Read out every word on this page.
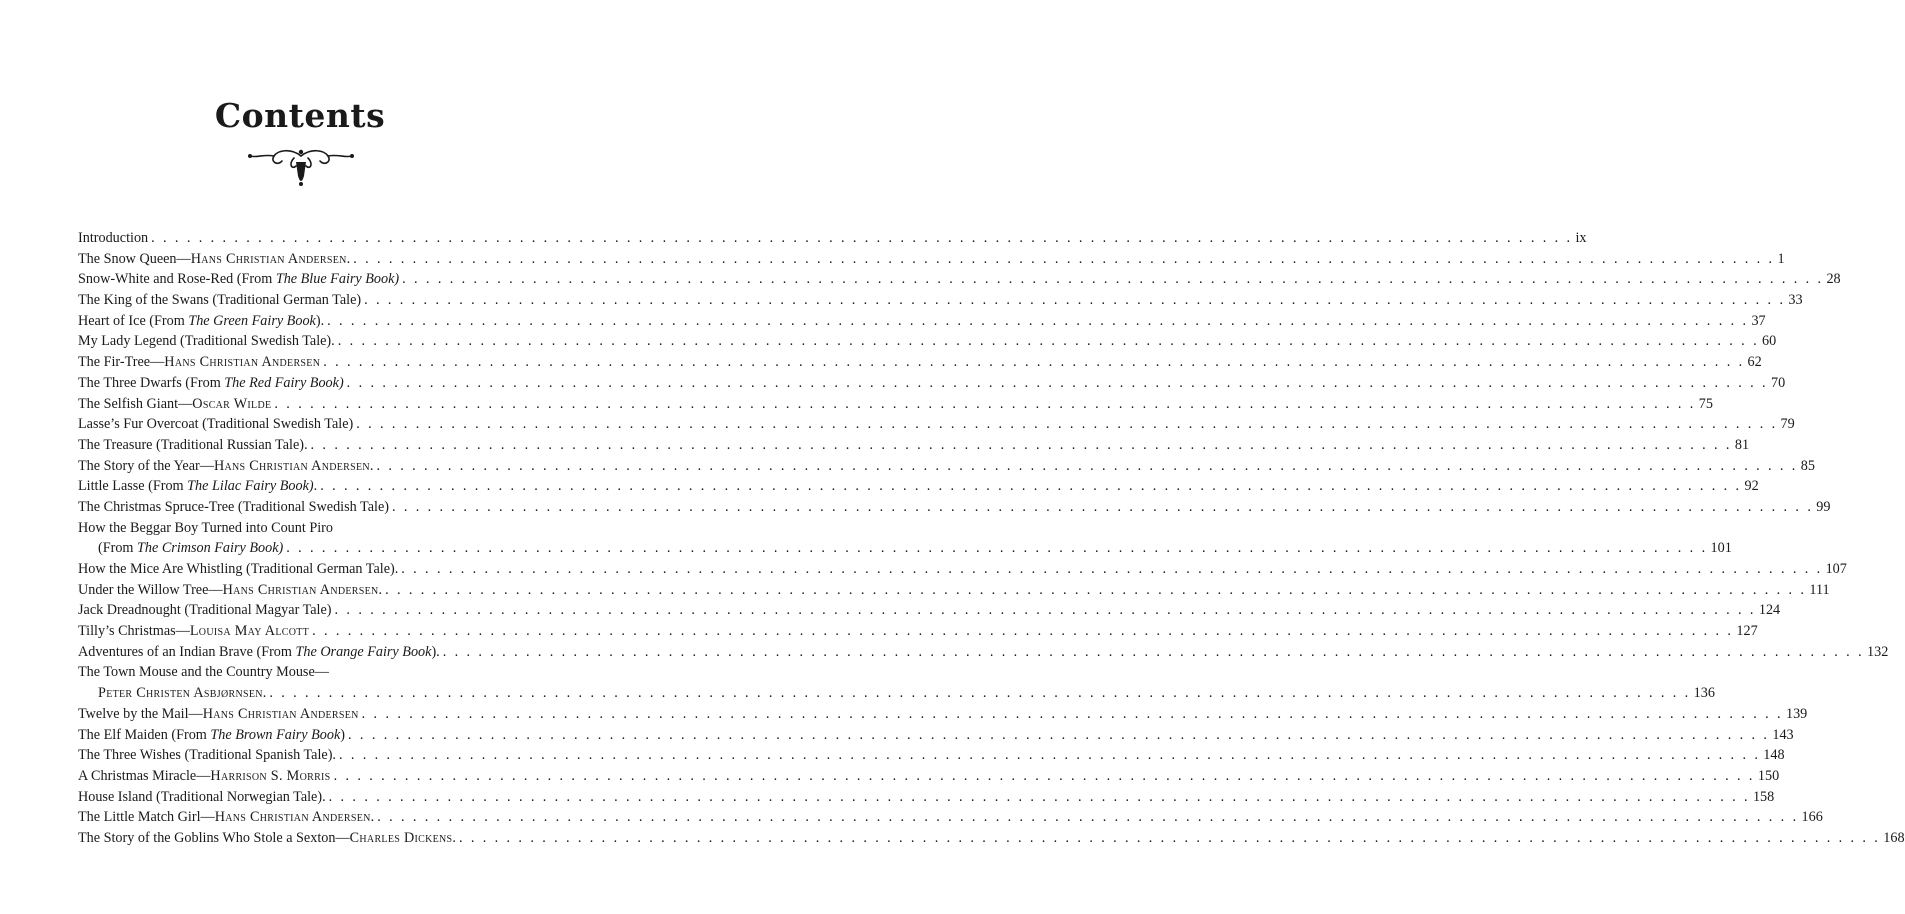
Contents
Introduction . . . . . . . . . . . . . . . . . . . . . . . . . . . . . . . . . . . . . . . . . . . . . . . . . . . . . . . . . . . . . . . . . . . . . . . . . . . . . . . . . . . . . . . . . . . . . . . . . . . . . . . . . . . . . . . . . . . . . . . . ix
The Snow Queen—Hans Christian Andersen. . . . . . . . . . . . . . . . . . . . . . . . . . . . . . . . . . . . . . . . . . . . . . . . . . . . . . . . . . . . . . . . . . . . . . . . . . . . . . . . . . . . . . . . . . . . . . . . . . . . . . . . . . . . . . . . . . . . . . . . . 1
Snow-White and Rose-Red (From The Blue Fairy Book) . . . . . . . . . . . . . . . . . . . . . . . . . . . . . . . . . . . . . . . . . . . . . . . . . . . . . . . . . . . . . . . . . . . . . . . . . . . . . . . . . . . . . . . . . . . . . . . . . . . . . . . . . . . . . . . . . . . . . . . . 28
The King of the Swans (Traditional German Tale) . . . . . . . . . . . . . . . . . . . . . . . . . . . . . . . . . . . . . . . . . . . . . . . . . . . . . . . . . . . . . . . . . . . . . . . . . . . . . . . . . . . . . . . . . . . . . . . . . . . . . . . . . . . . . . . . . . . . . . . . 33
Heart of Ice (From The Green Fairy Book). . . . . . . . . . . . . . . . . . . . . . . . . . . . . . . . . . . . . . . . . . . . . . . . . . . . . . . . . . . . . . . . . . . . . . . . . . . . . . . . . . . . . . . . . . . . . . . . . . . . . . . . . . . . . . . . . . . . . . . . . 37
My Lady Legend (Traditional Swedish Tale). . . . . . . . . . . . . . . . . . . . . . . . . . . . . . . . . . . . . . . . . . . . . . . . . . . . . . . . . . . . . . . . . . . . . . . . . . . . . . . . . . . . . . . . . . . . . . . . . . . . . . . . . . . . . . . . . . . . . . . . . 60
The Fir-Tree—Hans Christian Andersen . . . . . . . . . . . . . . . . . . . . . . . . . . . . . . . . . . . . . . . . . . . . . . . . . . . . . . . . . . . . . . . . . . . . . . . . . . . . . . . . . . . . . . . . . . . . . . . . . . . . . . . . . . . . . . . . . . . . . . . . 62
The Three Dwarfs (From The Red Fairy Book) . . . . . . . . . . . . . . . . . . . . . . . . . . . . . . . . . . . . . . . . . . . . . . . . . . . . . . . . . . . . . . . . . . . . . . . . . . . . . . . . . . . . . . . . . . . . . . . . . . . . . . . . . . . . . . . . . . . . . . . . 70
The Selfish Giant—Oscar Wilde . . . . . . . . . . . . . . . . . . . . . . . . . . . . . . . . . . . . . . . . . . . . . . . . . . . . . . . . . . . . . . . . . . . . . . . . . . . . . . . . . . . . . . . . . . . . . . . . . . . . . . . . . . . . . . . . . . . . . . . . 75
Lasse’s Fur Overcoat (Traditional Swedish Tale) . . . . . . . . . . . . . . . . . . . . . . . . . . . . . . . . . . . . . . . . . . . . . . . . . . . . . . . . . . . . . . . . . . . . . . . . . . . . . . . . . . . . . . . . . . . . . . . . . . . . . . . . . . . . . . . . . . . . . . . . 79
The Treasure (Traditional Russian Tale). . . . . . . . . . . . . . . . . . . . . . . . . . . . . . . . . . . . . . . . . . . . . . . . . . . . . . . . . . . . . . . . . . . . . . . . . . . . . . . . . . . . . . . . . . . . . . . . . . . . . . . . . . . . . . . . . . . . . . . . . 81
The Story of the Year—Hans Christian Andersen. . . . . . . . . . . . . . . . . . . . . . . . . . . . . . . . . . . . . . . . . . . . . . . . . . . . . . . . . . . . . . . . . . . . . . . . . . . . . . . . . . . . . . . . . . . . . . . . . . . . . . . . . . . . . . . . . . . . . . . . . 85
Little Lasse (From The Lilac Fairy Book). . . . . . . . . . . . . . . . . . . . . . . . . . . . . . . . . . . . . . . . . . . . . . . . . . . . . . . . . . . . . . . . . . . . . . . . . . . . . . . . . . . . . . . . . . . . . . . . . . . . . . . . . . . . . . . . . . . . . . . . . 92
The Christmas Spruce-Tree (Traditional Swedish Tale) . . . . . . . . . . . . . . . . . . . . . . . . . . . . . . . . . . . . . . . . . . . . . . . . . . . . . . . . . . . . . . . . . . . . . . . . . . . . . . . . . . . . . . . . . . . . . . . . . . . . . . . . . . . . . . . . . . . . . . . . 99
How the Beggar Boy Turned into Count Piro
(From The Crimson Fairy Book) . . . . . . . . . . . . . . . . . . . . . . . . . . . . . . . . . . . . . . . . . . . . . . . . . . . . . . . . . . . . . . . . . . . . . . . . . . . . . . . . . . . . . . . . . . . . . . . . . . . . . . . . . . . . . . . . . . . . . . . . 101
How the Mice Are Whistling (Traditional German Tale). . . . . . . . . . . . . . . . . . . . . . . . . . . . . . . . . . . . . . . . . . . . . . . . . . . . . . . . . . . . . . . . . . . . . . . . . . . . . . . . . . . . . . . . . . . . . . . . . . . . . . . . . . . . . . . . . . . . . . . . . 107
Under the Willow Tree—Hans Christian Andersen. . . . . . . . . . . . . . . . . . . . . . . . . . . . . . . . . . . . . . . . . . . . . . . . . . . . . . . . . . . . . . . . . . . . . . . . . . . . . . . . . . . . . . . . . . . . . . . . . . . . . . . . . . . . . . . . . . . . . . . . . 111
Jack Dreadnought (Traditional Magyar Tale) . . . . . . . . . . . . . . . . . . . . . . . . . . . . . . . . . . . . . . . . . . . . . . . . . . . . . . . . . . . . . . . . . . . . . . . . . . . . . . . . . . . . . . . . . . . . . . . . . . . . . . . . . . . . . . . . . . . . . . . . 124
Tilly’s Christmas—Louisa May Alcott . . . . . . . . . . . . . . . . . . . . . . . . . . . . . . . . . . . . . . . . . . . . . . . . . . . . . . . . . . . . . . . . . . . . . . . . . . . . . . . . . . . . . . . . . . . . . . . . . . . . . . . . . . . . . . . . . . . . . . . . 127
Adventures of an Indian Brave (From The Orange Fairy Book). . . . . . . . . . . . . . . . . . . . . . . . . . . . . . . . . . . . . . . . . . . . . . . . . . . . . . . . . . . . . . . . . . . . . . . . . . . . . . . . . . . . . . . . . . . . . . . . . . . . . . . . . . . . . . . . . . . . . . . . . 132
The Town Mouse and the Country Mouse—
Peter Christen Asbjørnsen. . . . . . . . . . . . . . . . . . . . . . . . . . . . . . . . . . . . . . . . . . . . . . . . . . . . . . . . . . . . . . . . . . . . . . . . . . . . . . . . . . . . . . . . . . . . . . . . . . . . . . . . . . . . . . . . . . . . . . . . . 136
Twelve by the Mail—Hans Christian Andersen . . . . . . . . . . . . . . . . . . . . . . . . . . . . . . . . . . . . . . . . . . . . . . . . . . . . . . . . . . . . . . . . . . . . . . . . . . . . . . . . . . . . . . . . . . . . . . . . . . . . . . . . . . . . . . . . . . . . . . . . 139
The Elf Maiden (From The Brown Fairy Book) . . . . . . . . . . . . . . . . . . . . . . . . . . . . . . . . . . . . . . . . . . . . . . . . . . . . . . . . . . . . . . . . . . . . . . . . . . . . . . . . . . . . . . . . . . . . . . . . . . . . . . . . . . . . . . . . . . . . . . . . 143
The Three Wishes (Traditional Spanish Tale). . . . . . . . . . . . . . . . . . . . . . . . . . . . . . . . . . . . . . . . . . . . . . . . . . . . . . . . . . . . . . . . . . . . . . . . . . . . . . . . . . . . . . . . . . . . . . . . . . . . . . . . . . . . . . . . . . . . . . . . . 148
A Christmas Miracle—Harrison S. Morris . . . . . . . . . . . . . . . . . . . . . . . . . . . . . . . . . . . . . . . . . . . . . . . . . . . . . . . . . . . . . . . . . . . . . . . . . . . . . . . . . . . . . . . . . . . . . . . . . . . . . . . . . . . . . . . . . . . . . . . . 150
House Island (Traditional Norwegian Tale). . . . . . . . . . . . . . . . . . . . . . . . . . . . . . . . . . . . . . . . . . . . . . . . . . . . . . . . . . . . . . . . . . . . . . . . . . . . . . . . . . . . . . . . . . . . . . . . . . . . . . . . . . . . . . . . . . . . . . . . . 158
The Little Match Girl—Hans Christian Andersen. . . . . . . . . . . . . . . . . . . . . . . . . . . . . . . . . . . . . . . . . . . . . . . . . . . . . . . . . . . . . . . . . . . . . . . . . . . . . . . . . . . . . . . . . . . . . . . . . . . . . . . . . . . . . . . . . . . . . . . . . 166
The Story of the Goblins Who Stole a Sexton—Charles Dickens. . . . . . . . . . . . . . . . . . . . . . . . . . . . . . . . . . . . . . . . . . . . . . . . . . . . . . . . . . . . . . . . . . . . . . . . . . . . . . . . . . . . . . . . . . . . . . . . . . . . . . . . . . . . . . . . . . . . . . . . . 168
